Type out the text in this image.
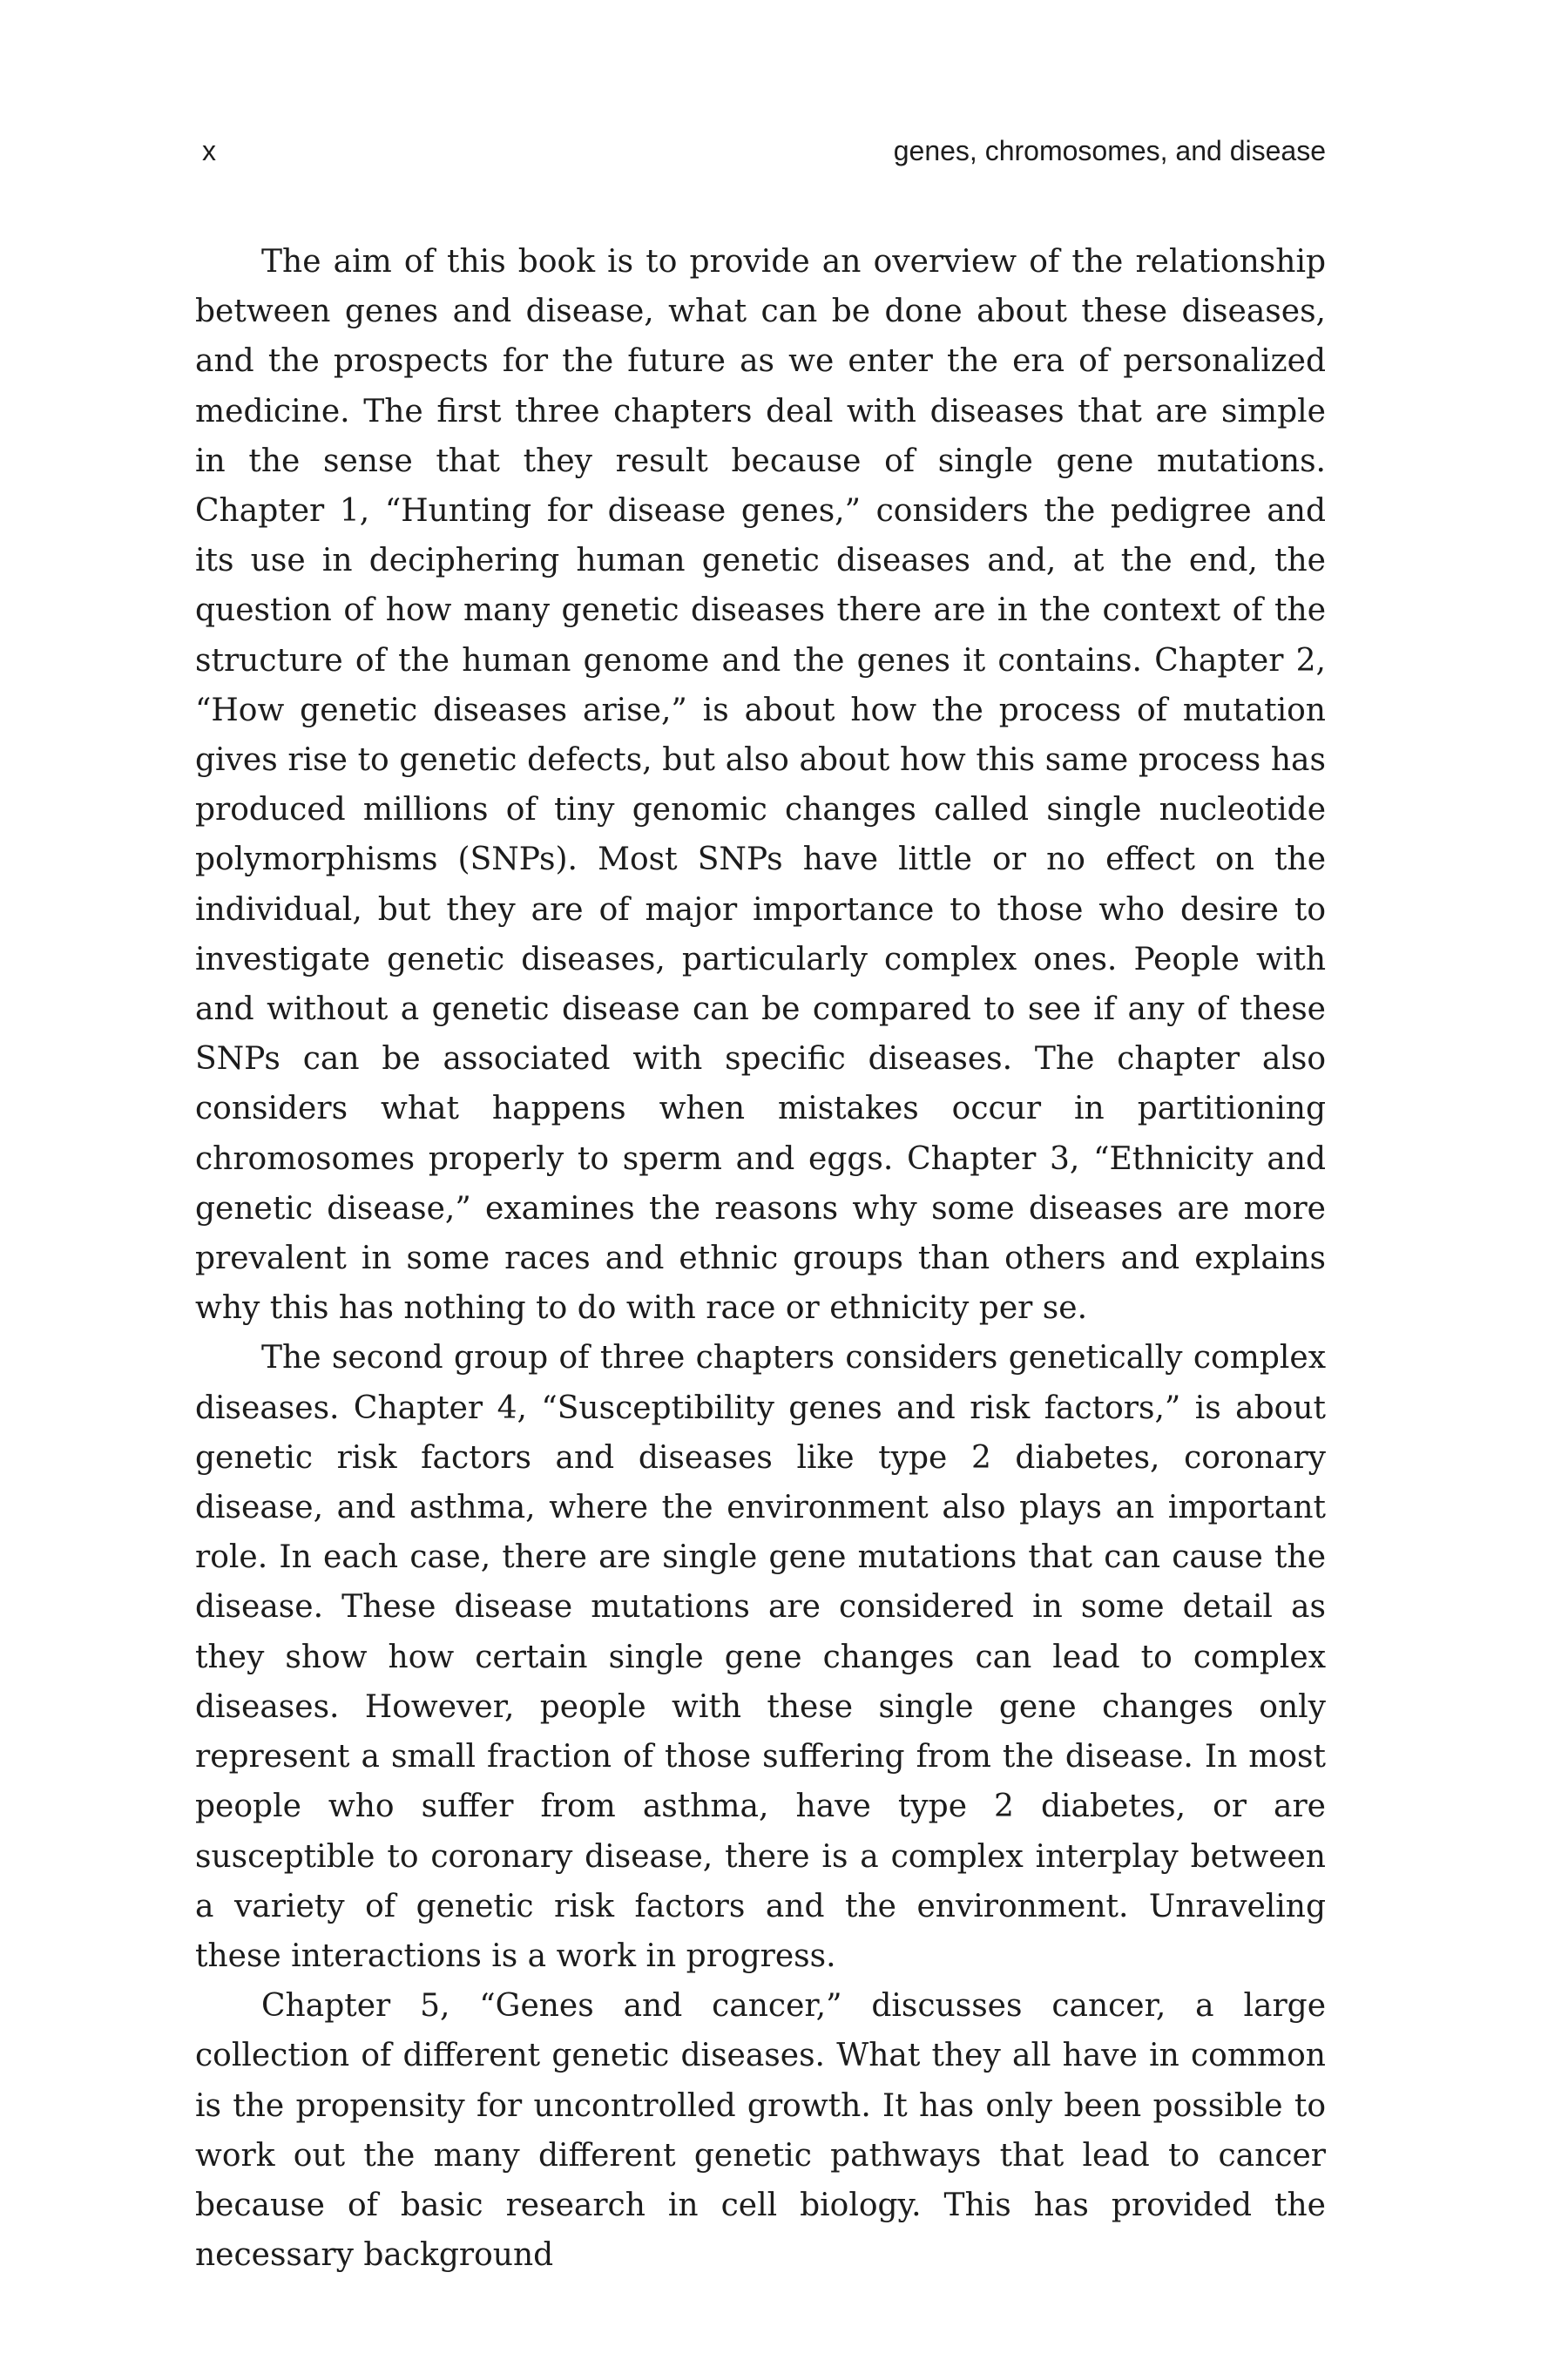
x	genes, chromosomes, and disease

The aim of this book is to provide an overview of the relationship between genes and disease, what can be done about these diseases, and the prospects for the future as we enter the era of personalized medicine. The first three chapters deal with diseases that are simple in the sense that they result because of single gene mutations. Chapter 1, “Hunting for disease genes,” considers the pedigree and its use in deciphering human genetic diseases and, at the end, the question of how many genetic diseases there are in the context of the structure of the human genome and the genes it contains. Chapter 2, “How genetic diseases arise,” is about how the process of mutation gives rise to genetic defects, but also about how this same process has produced millions of tiny genomic changes called single nucleotide polymorphisms (SNPs). Most SNPs have little or no effect on the individual, but they are of major importance to those who desire to investigate genetic diseases, particularly complex ones. People with and without a genetic disease can be compared to see if any of these SNPs can be associated with specific diseases. The chapter also considers what happens when mistakes occur in partitioning chromosomes properly to sperm and eggs. Chapter 3, “Ethnicity and genetic disease,” examines the reasons why some diseases are more prevalent in some races and ethnic groups than others and explains why this has nothing to do with race or ethnicity per se.

The second group of three chapters considers genetically complex diseases. Chapter 4, “Susceptibility genes and risk factors,” is about genetic risk factors and diseases like type 2 diabetes, coronary disease, and asthma, where the environment also plays an important role. In each case, there are single gene mutations that can cause the disease. These disease mutations are considered in some detail as they show how certain single gene changes can lead to complex diseases. However, people with these single gene changes only represent a small fraction of those suffering from the disease. In most people who suffer from asthma, have type 2 diabetes, or are susceptible to coronary disease, there is a complex interplay between a variety of genetic risk factors and the environment. Unraveling these interactions is a work in progress.

Chapter 5, “Genes and cancer,” discusses cancer, a large collection of different genetic diseases. What they all have in common is the propensity for uncontrolled growth. It has only been possible to work out the many different genetic pathways that lead to cancer because of basic research in cell biology. This has provided the necessary background
